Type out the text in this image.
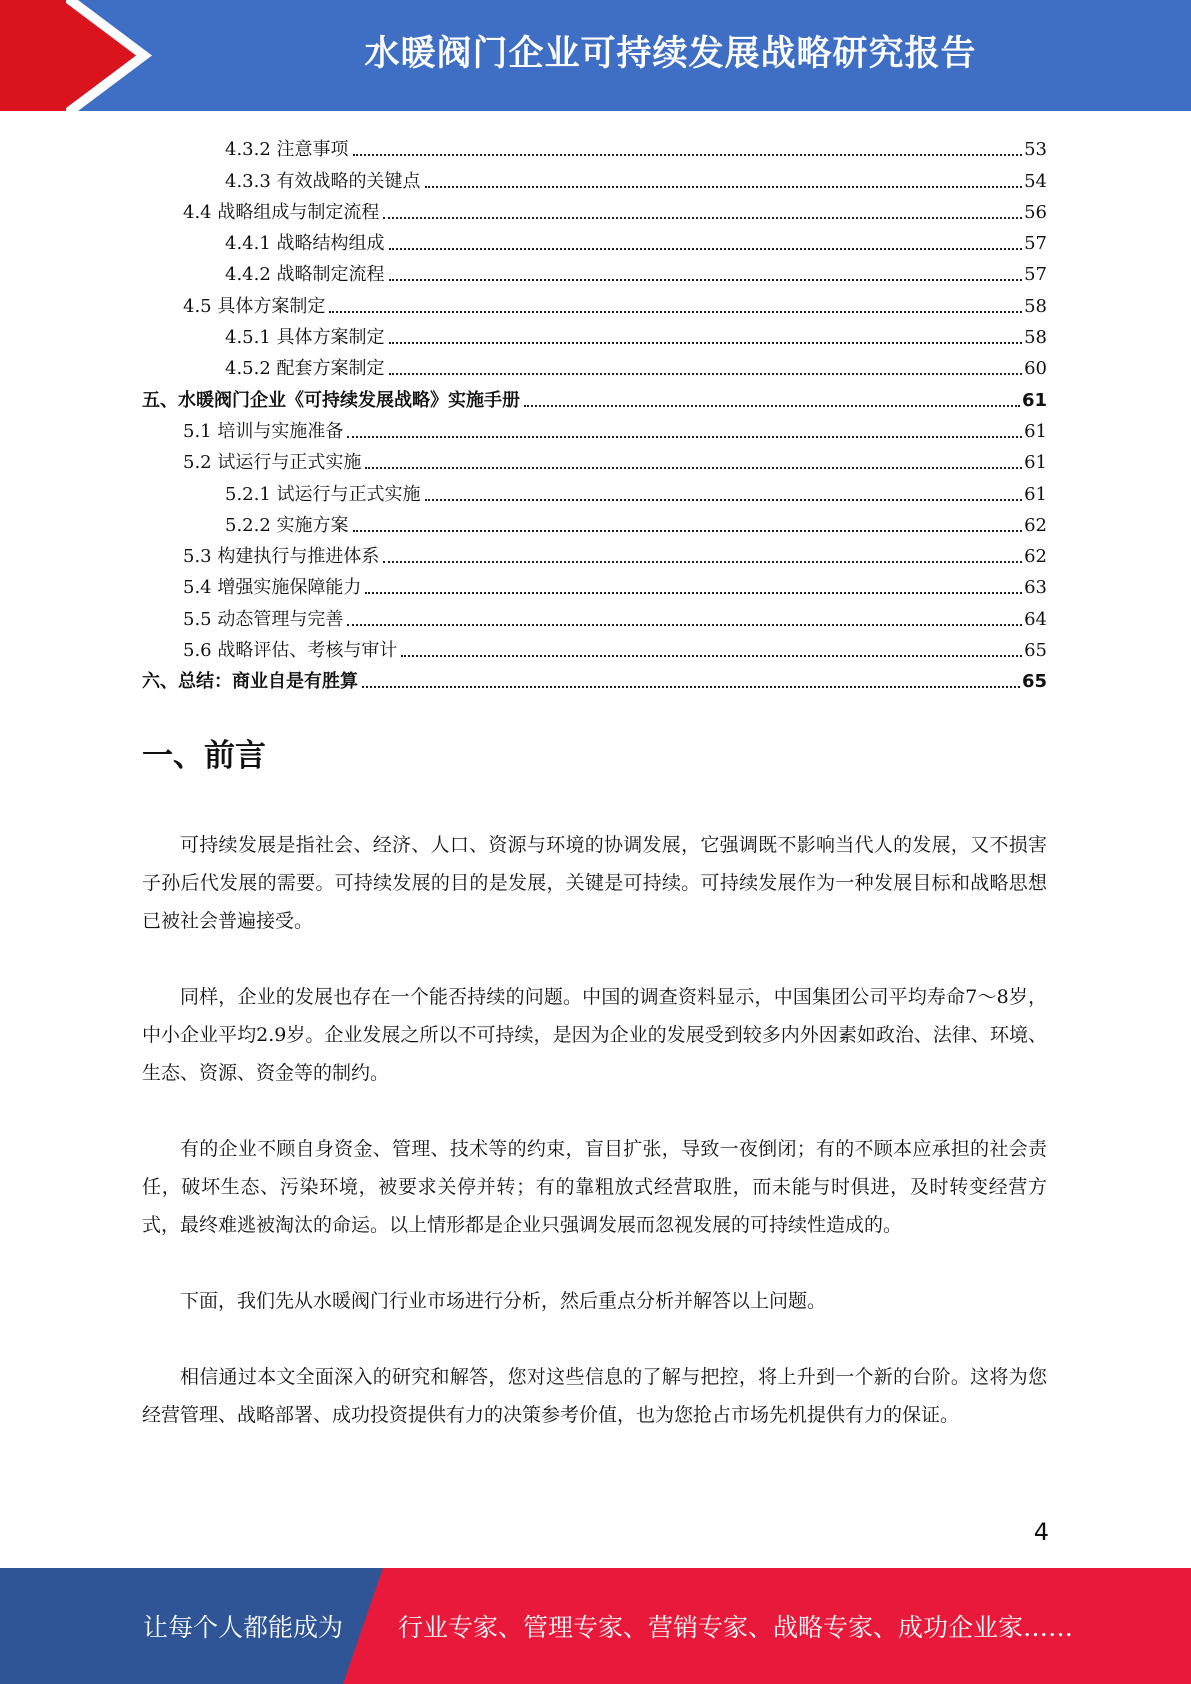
水暖阀门企业可持续发展战略研究报告
4.3.2 注意事项	53
4.3.3 有效战略的关键点	54
4.4 战略组成与制定流程	56
4.4.1 战略结构组成	57
4.4.2 战略制定流程	57
4.5 具体方案制定	58
4.5.1 具体方案制定	58
4.5.2 配套方案制定	60
五、水暖阀门企业《可持续发展战略》实施手册	61
5.1 培训与实施准备	61
5.2 试运行与正式实施	61
5.2.1 试运行与正式实施	61
5.2.2 实施方案	62
5.3 构建执行与推进体系	62
5.4 增强实施保障能力	63
5.5 动态管理与完善	64
5.6 战略评估、考核与审计	65
六、总结：商业自是有胜算	65
一、前言

可持续发展是指社会、经济、人口、资源与环境的协调发展，它强调既不影响当代人的发展，又不损害子孙后代发展的需要。可持续发展的目的是发展，关键是可持续。可持续发展作为一种发展目标和战略思想已被社会普遍接受。

同样，企业的发展也存在一个能否持续的问题。中国的调查资料显示，中国集团公司平均寿命7～8岁，中小企业平均2.9岁。企业发展之所以不可持续，是因为企业的发展受到较多内外因素如政治、法律、环境、生态、资源、资金等的制约。

有的企业不顾自身资金、管理、技术等的约束，盲目扩张，导致一夜倒闭；有的不顾本应承担的社会责任，破坏生态、污染环境，被要求关停并转；有的靠粗放式经营取胜，而未能与时俱进，及时转变经营方式，最终难逃被淘汰的命运。以上情形都是企业只强调发展而忽视发展的可持续性造成的。

下面，我们先从水暖阀门行业市场进行分析，然后重点分析并解答以上问题。

相信通过本文全面深入的研究和解答，您对这些信息的了解与把控，将上升到一个新的台阶。这将为您经营管理、战略部署、成功投资提供有力的决策参考价值，也为您抢占市场先机提供有力的保证。

4
让每个人都能成为 行业专家、管理专家、营销专家、战略专家、成功企业家……
